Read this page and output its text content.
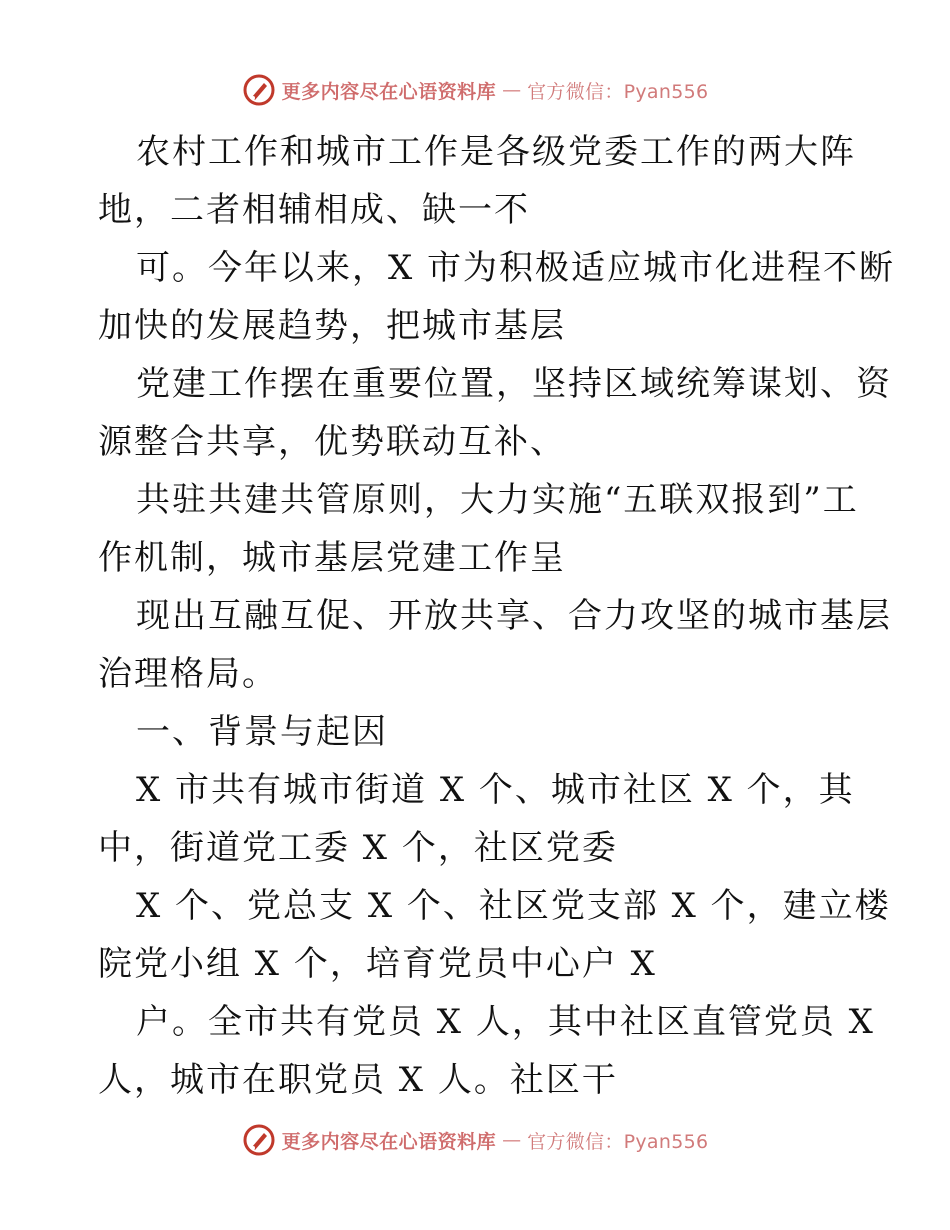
更多内容尽在心语资料库 — 官方微信：Pyan556
农村工作和城市工作是各级党委工作的两大阵
地，二者相辅相成、缺一不
可。今年以来，X 市为积极适应城市化进程不断
加快的发展趋势，把城市基层
党建工作摆在重要位置，坚持区域统筹谋划、资
源整合共享，优势联动互补、
共驻共建共管原则，大力实施“五联双报到”工
作机制，城市基层党建工作呈
现出互融互促、开放共享、合力攻坚的城市基层
治理格局。
一、背景与起因
X 市共有城市街道 X 个、城市社区 X 个，其
中，街道党工委 X 个，社区党委
X 个、党总支 X 个、社区党支部 X 个，建立楼
院党小组 X 个，培育党员中心户 X
户。全市共有党员 X 人，其中社区直管党员 X
人，城市在职党员 X 人。社区干
更多内容尽在心语资料库 — 官方微信：Pyan556
